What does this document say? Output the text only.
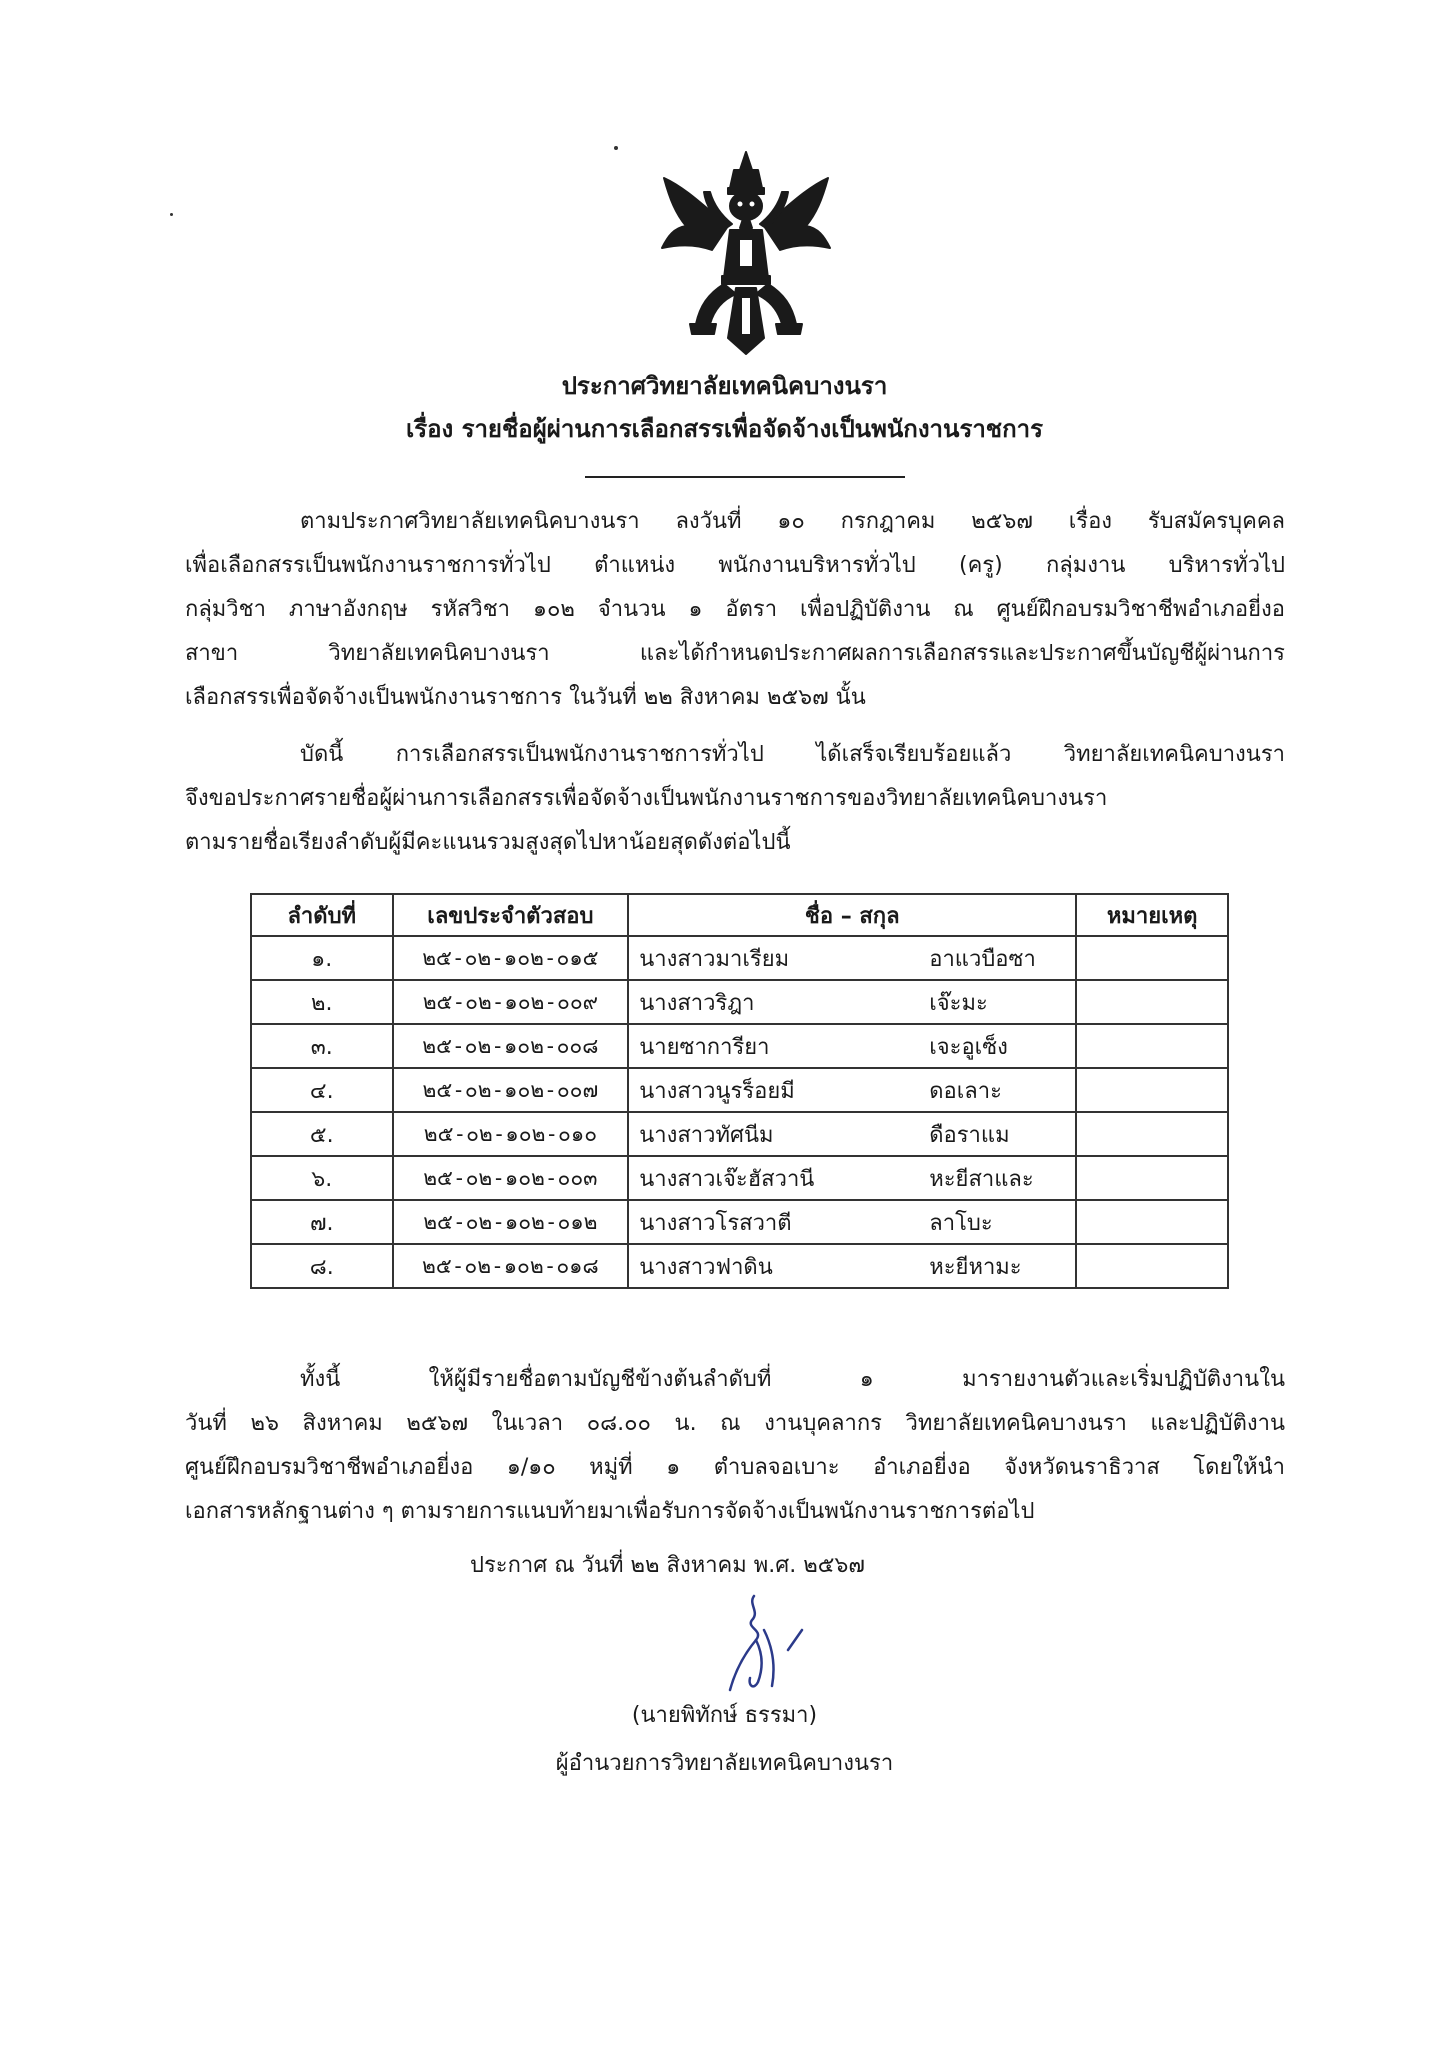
ประกาศวิทยาลัยเทคนิคบางนรา
เรื่อง รายชื่อผู้ผ่านการเลือกสรรเพื่อจัดจ้างเป็นพนักงานราชการ
ตามประกาศวิทยาลัยเทคนิคบางนรา ลงวันที่ ๑๐ กรกฎาคม ๒๕๖๗ เรื่อง รับสมัครบุคคล
เพื่อเลือกสรรเป็นพนักงานราชการทั่วไป ตำแหน่ง พนักงานบริหารทั่วไป (ครู) กลุ่มงาน บริหารทั่วไป
กลุ่มวิชา ภาษาอังกฤษ รหัสวิชา ๑๐๒ จำนวน ๑ อัตรา เพื่อปฏิบัติงาน ณ ศูนย์ฝึกอบรมวิชาชีพอำเภอยี่งอ
สาขา วิทยาลัยเทคนิคบางนรา และได้กำหนดประกาศผลการเลือกสรรและประกาศขึ้นบัญชีผู้ผ่านการ
เลือกสรรเพื่อจัดจ้างเป็นพนักงานราชการ ในวันที่ ๒๒ สิงหาคม ๒๕๖๗ นั้น
บัดนี้ การเลือกสรรเป็นพนักงานราชการทั่วไป ได้เสร็จเรียบร้อยแล้ว วิทยาลัยเทคนิคบางนรา
จึงขอประกาศรายชื่อผู้ผ่านการเลือกสรรเพื่อจัดจ้างเป็นพนักงานราชการของวิทยาลัยเทคนิคบางนรา
ตามรายชื่อเรียงลำดับผู้มีคะแนนรวมสูงสุดไปหาน้อยสุดดังต่อไปนี้
ลำดับที่	เลขประจำตัวสอบ	ชื่อ – สกุล	หมายเหตุ
๑.	๒๕-๐๒-๑๐๒-๐๑๕	นางสาวมาเรียม อาแวบือซา	
๒.	๒๕-๐๒-๑๐๒-๐๐๙	นางสาวริฎา เจ๊ะมะ	
๓.	๒๕-๐๒-๑๐๒-๐๐๘	นายซาการียา เจะอูเซ็ง	
๔.	๒๕-๐๒-๑๐๒-๐๐๗	นางสาวนูรร็อยมี ดอเลาะ	
๕.	๒๕-๐๒-๑๐๒-๐๑๐	นางสาวทัศนีม ดือราแม	
๖.	๒๕-๐๒-๑๐๒-๐๐๓	นางสาวเจ๊ะฮัสวานี หะยีสาและ	
๗.	๒๕-๐๒-๑๐๒-๐๑๒	นางสาวโรสวาตี ลาโบะ	
๘.	๒๕-๐๒-๑๐๒-๐๑๘	นางสาวฟาดิน หะยีหามะ	
ทั้งนี้ ให้ผู้มีรายชื่อตามบัญชีข้างต้นลำดับที่ ๑ มารายงานตัวและเริ่มปฏิบัติงานใน
วันที่ ๒๖ สิงหาคม ๒๕๖๗ ในเวลา ๐๘.๐๐ น. ณ งานบุคลากร วิทยาลัยเทคนิคบางนรา และปฏิบัติงาน
ศูนย์ฝึกอบรมวิชาชีพอำเภอยี่งอ ๑/๑๐ หมู่ที่ ๑ ตำบลจอเบาะ อำเภอยี่งอ จังหวัดนราธิวาส โดยให้นำ
เอกสารหลักฐานต่าง ๆ ตามรายการแนบท้ายมาเพื่อรับการจัดจ้างเป็นพนักงานราชการต่อไป
ประกาศ ณ วันที่ ๒๒ สิงหาคม พ.ศ. ๒๕๖๗
(นายพิทักษ์ ธรรมา)
ผู้อำนวยการวิทยาลัยเทคนิคบางนรา
